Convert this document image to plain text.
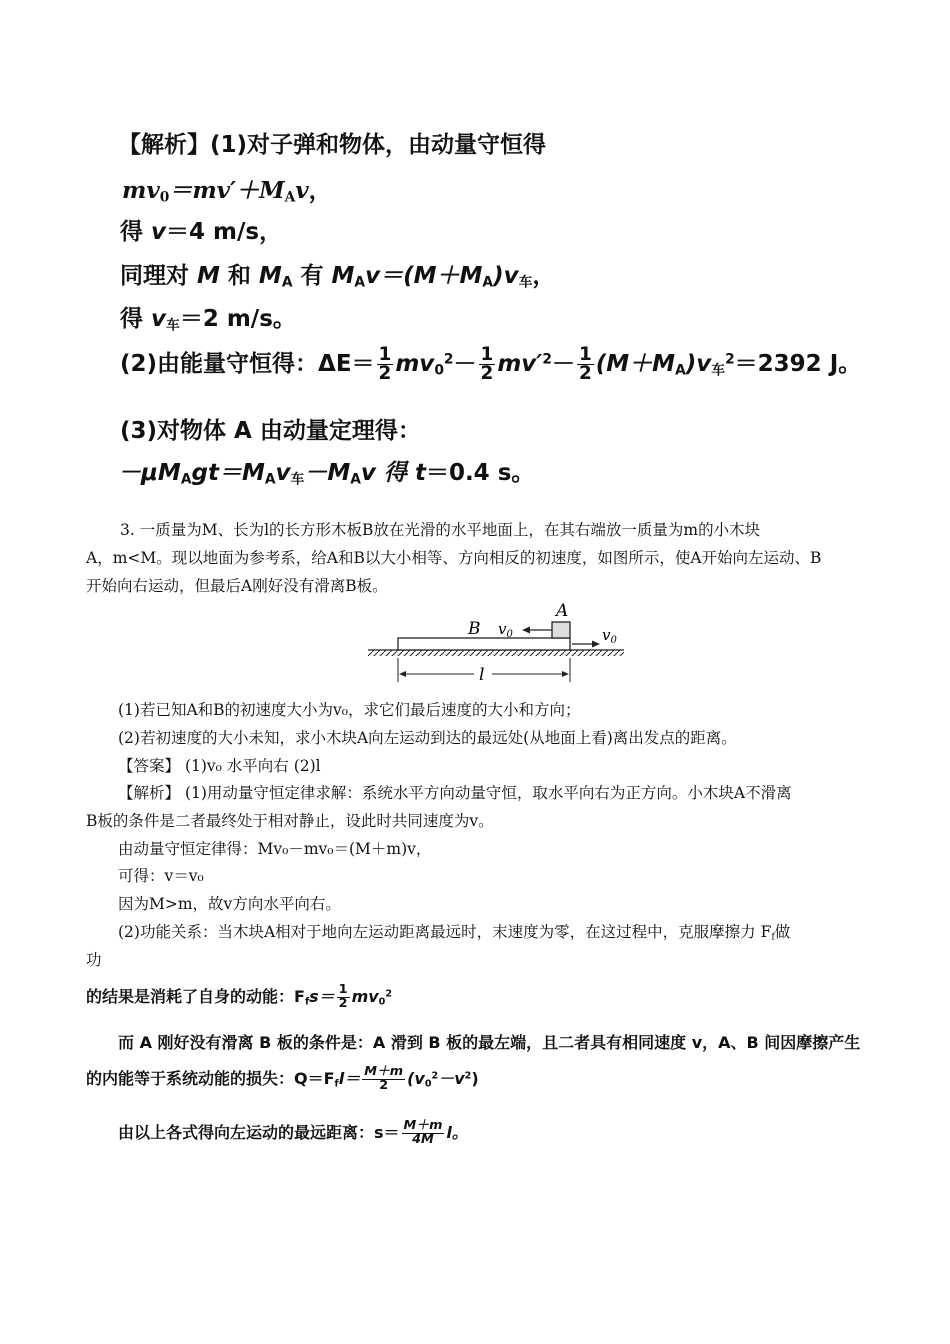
【解析】(1)对子弹和物体，由动量守恒得
$mv_0=mv'+M_Av$，
得 v＝4 m/s，
同理对 M 和 $M_A$ 有 $M_Av=(M+M_A)v_车$，
得 $v_车=2$ m/s。
(2)由能量守恒得：$\Delta E= \frac{1}{2} mv_0^2- \frac{1}{2} mv'^2- \frac{1}{2} (M+M_A)v_车^2=2392$ J。
(3)对物体 A 由动量定理得：
$-\mu M_Agt=M_Av_车-M_Av$ 得 t＝0.4 s。
3. 一质量为M、长为l的长方形木板B放在光滑的水平地面上，在其右端放一质量为m的小木块
A，m<M。现以地面为参考系，给A和B以大小相等、方向相反的初速度，如图所示，使A开始向左运动、B
开始向右运动，但最后A刚好没有滑离B板。
A
B $v_0$	$v_0$
l
(1)若已知A和B的初速度大小为v₀，求它们最后速度的大小和方向；
(2)若初速度的大小未知，求小木块A向左运动到达的最远处(从地面上看)离出发点的距离。
【答案】 (1)v₀ 水平向右 (2)l
【解析】 (1)用动量守恒定律求解：系统水平方向动量守恒，取水平向右为正方向。小木块A不滑离
B板的条件是二者最终处于相对静止，设此时共同速度为v。
由动量守恒定律得：Mv₀－mv₀＝(M＋m)v，
可得：v＝v₀
因为M>m，故v方向水平向右。
(2)功能关系：当木块A相对于地向左运动距离最远时，末速度为零，在这过程中，克服摩擦力 $F_f$做
功
的结果是消耗了自身的动能：$F_fs= \frac{1}{2} mv_0^2$
而 A 刚好没有滑离 B 板的条件是：A 滑到 B 板的最左端，且二者具有相同速度 v，A、B 间因摩擦产生
的内能等于系统动能的损失：$Q=F_fl= \frac{M+m}{2} (v_0^2-v^2)$
由以上各式得向左运动的最远距离：$s= \frac{M+m}{4M}$ l。
